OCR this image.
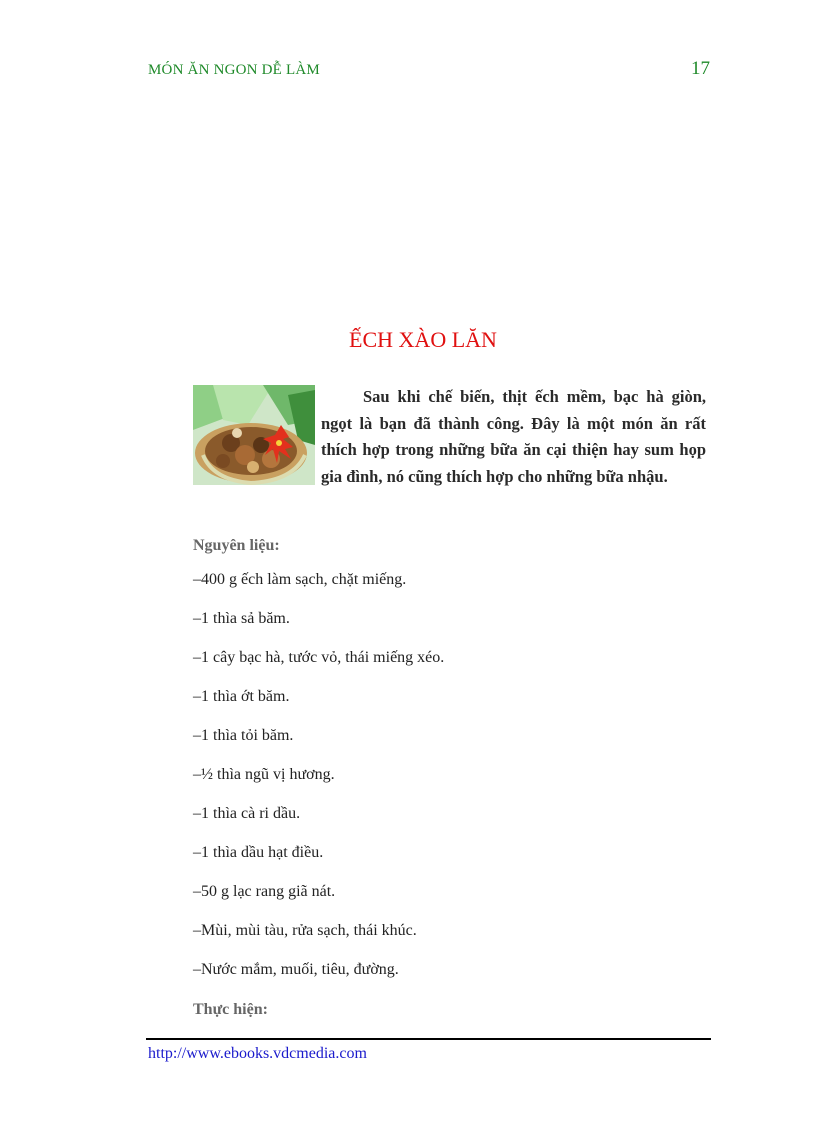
MÓN ĂN NGON DỄ LÀM	17
ẾCH XÀO LĂN

Sau khi chế biến, thịt ếch mềm, bạc hà giòn, ngọt là bạn đã thành công. Đây là một món ăn rất thích hợp trong những bữa ăn cại thiện hay sum họp gia đình, nó cũng thích hợp cho những bữa nhậu.

Nguyên liệu:
‒400 g ếch làm sạch, chặt miếng.
‒1 thìa sả băm.
‒1 cây bạc hà, tước vỏ, thái miếng xéo.
‒1 thìa ớt băm.
‒1 thìa tỏi băm.
‒½ thìa ngũ vị hương.
‒1 thìa cà ri dầu.
‒1 thìa dầu hạt điều.
‒50 g lạc rang giã nát.
‒Mùi, mùi tàu, rửa sạch, thái khúc.
‒Nước mắm, muối, tiêu, đường.
Thực hiện:
http://www.ebooks.vdcmedia.com
